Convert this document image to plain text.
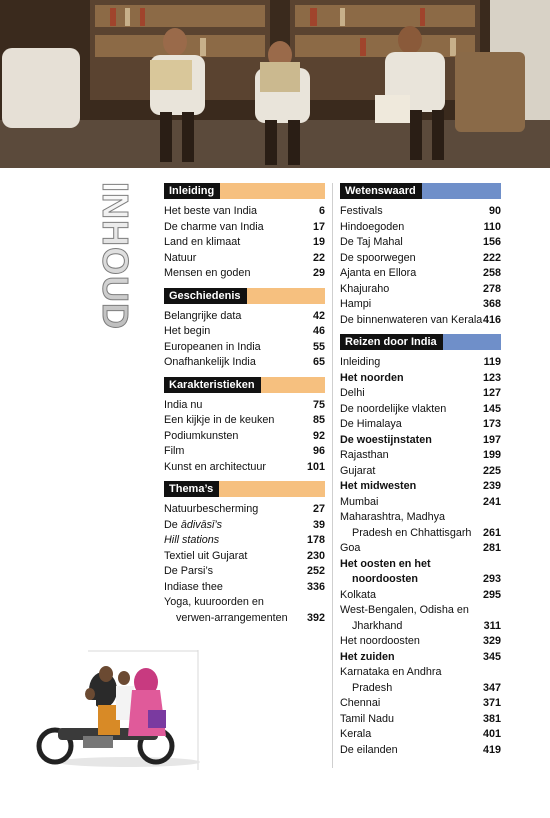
INHOUD	Inleiding
Het beste van India	6
De charme van India	17
Land en klimaat	19
Natuur	22
Mensen en goden	29
Geschiedenis
Belangrijke data	42
Het begin	46
Europeanen in India	55
Onafhankelijk India	65
Karakteristieken
India nu	75
Een kijkje in de keuken	85
Podiumkunsten	92
Film	96
Kunst en architectuur	101
Thema’s
Natuurbescherming	27
De ādivāsī’s	39
Hill stations	178
Textiel uit Gujarat	230
De Parsi’s	252
Indiase thee	336
Yoga, kuuroorden en
verwen-arrangementen 392
Wetenswaard
Festivals	90
Hindoegoden	110
De Taj Mahal	156
De spoorwegen	222
Ajanta en Ellora	258
Khajuraho	278
Hampi	368
De binnenwateren van Kerala 416
Reizen door India
Inleiding	119
Het noorden	123
Delhi	127
De noordelijke vlakten	145
De Himalaya	173
De woestijnstaten	197
Rajasthan	199
Gujarat	225
Het midwesten	239
Mumbai	241
Maharashtra, Madhya
Pradesh en Chhattisgarh 261
Goa	281
Het oosten en het
noordoosten	293
Kolkata	295
West-Bengalen, Odisha en
Jharkhand	311
Het noordoosten	329
Het zuiden	345
Karnataka en Andhra
Pradesh	347
Chennai	371
Tamil Nadu	381
Kerala	401
De eilanden	419
